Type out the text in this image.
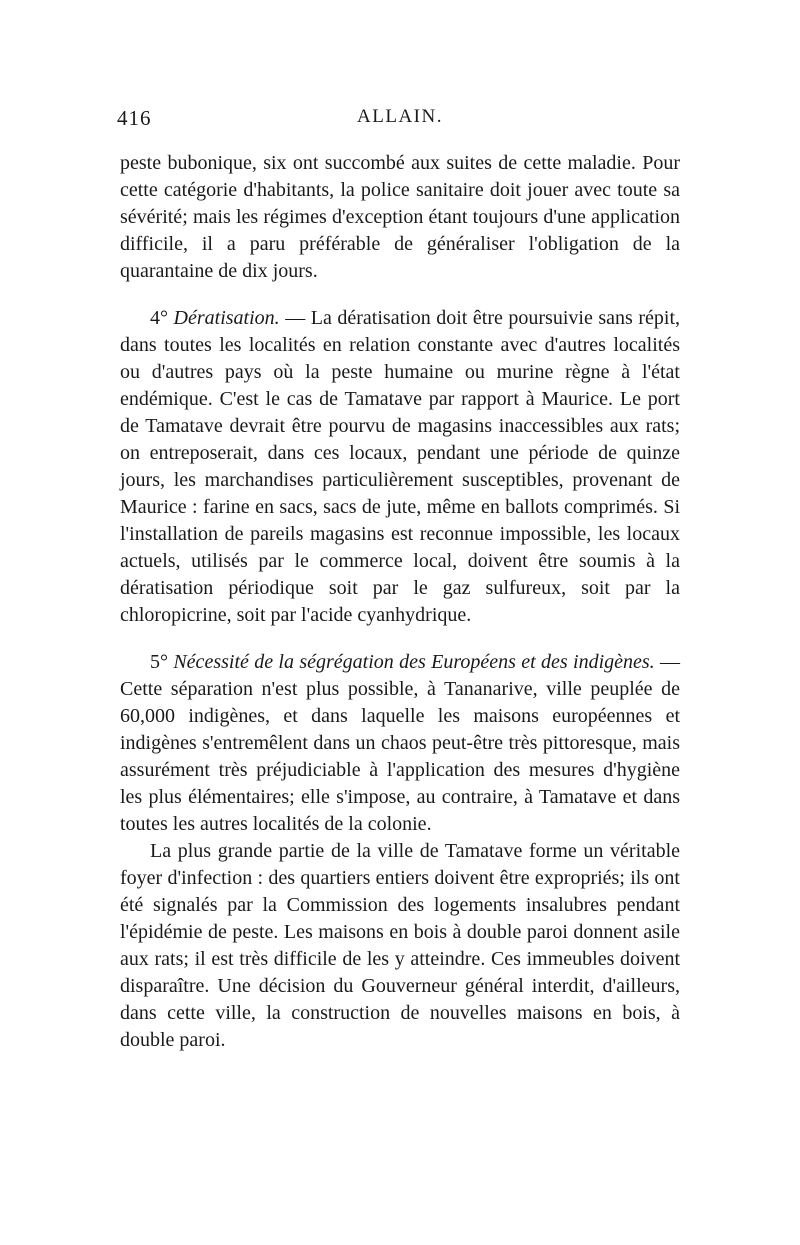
416	ALLAIN.

peste bubonique, six ont succombé aux suites de cette maladie. Pour cette catégorie d'habitants, la police sanitaire doit jouer avec toute sa sévérité; mais les régimes d'exception étant toujours d'une application difficile, il a paru préférable de généraliser l'obligation de la quarantaine de dix jours.

4° Dératisation. — La dératisation doit être poursuivie sans répit, dans toutes les localités en relation constante avec d'autres localités ou d'autres pays où la peste humaine ou murine règne à l'état endémique. C'est le cas de Tamatave par rapport à Maurice. Le port de Tamatave devrait être pourvu de magasins inaccessibles aux rats; on entreposerait, dans ces locaux, pendant une période de quinze jours, les marchandises particulièrement susceptibles, provenant de Maurice : farine en sacs, sacs de jute, même en ballots comprimés. Si l'installation de pareils magasins est reconnue impossible, les locaux actuels, utilisés par le commerce local, doivent être soumis à la dératisation périodique soit par le gaz sulfureux, soit par la chloropicrine, soit par l'acide cyanhydrique.

5° Nécessité de la ségrégation des Européens et des indigènes. — Cette séparation n'est plus possible, à Tananarive, ville peuplée de 60,000 indigènes, et dans laquelle les maisons européennes et indigènes s'entremêlent dans un chaos peut-être très pittoresque, mais assurément très préjudiciable à l'application des mesures d'hygiène les plus élémentaires; elle s'impose, au contraire, à Tamatave et dans toutes les autres localités de la colonie.

La plus grande partie de la ville de Tamatave forme un véritable foyer d'infection : des quartiers entiers doivent être expropriés; ils ont été signalés par la Commission des logements insalubres pendant l'épidémie de peste. Les maisons en bois à double paroi donnent asile aux rats; il est très difficile de les y atteindre. Ces immeubles doivent disparaître. Une décision du Gouverneur général interdit, d'ailleurs, dans cette ville, la construction de nouvelles maisons en bois, à double paroi.
